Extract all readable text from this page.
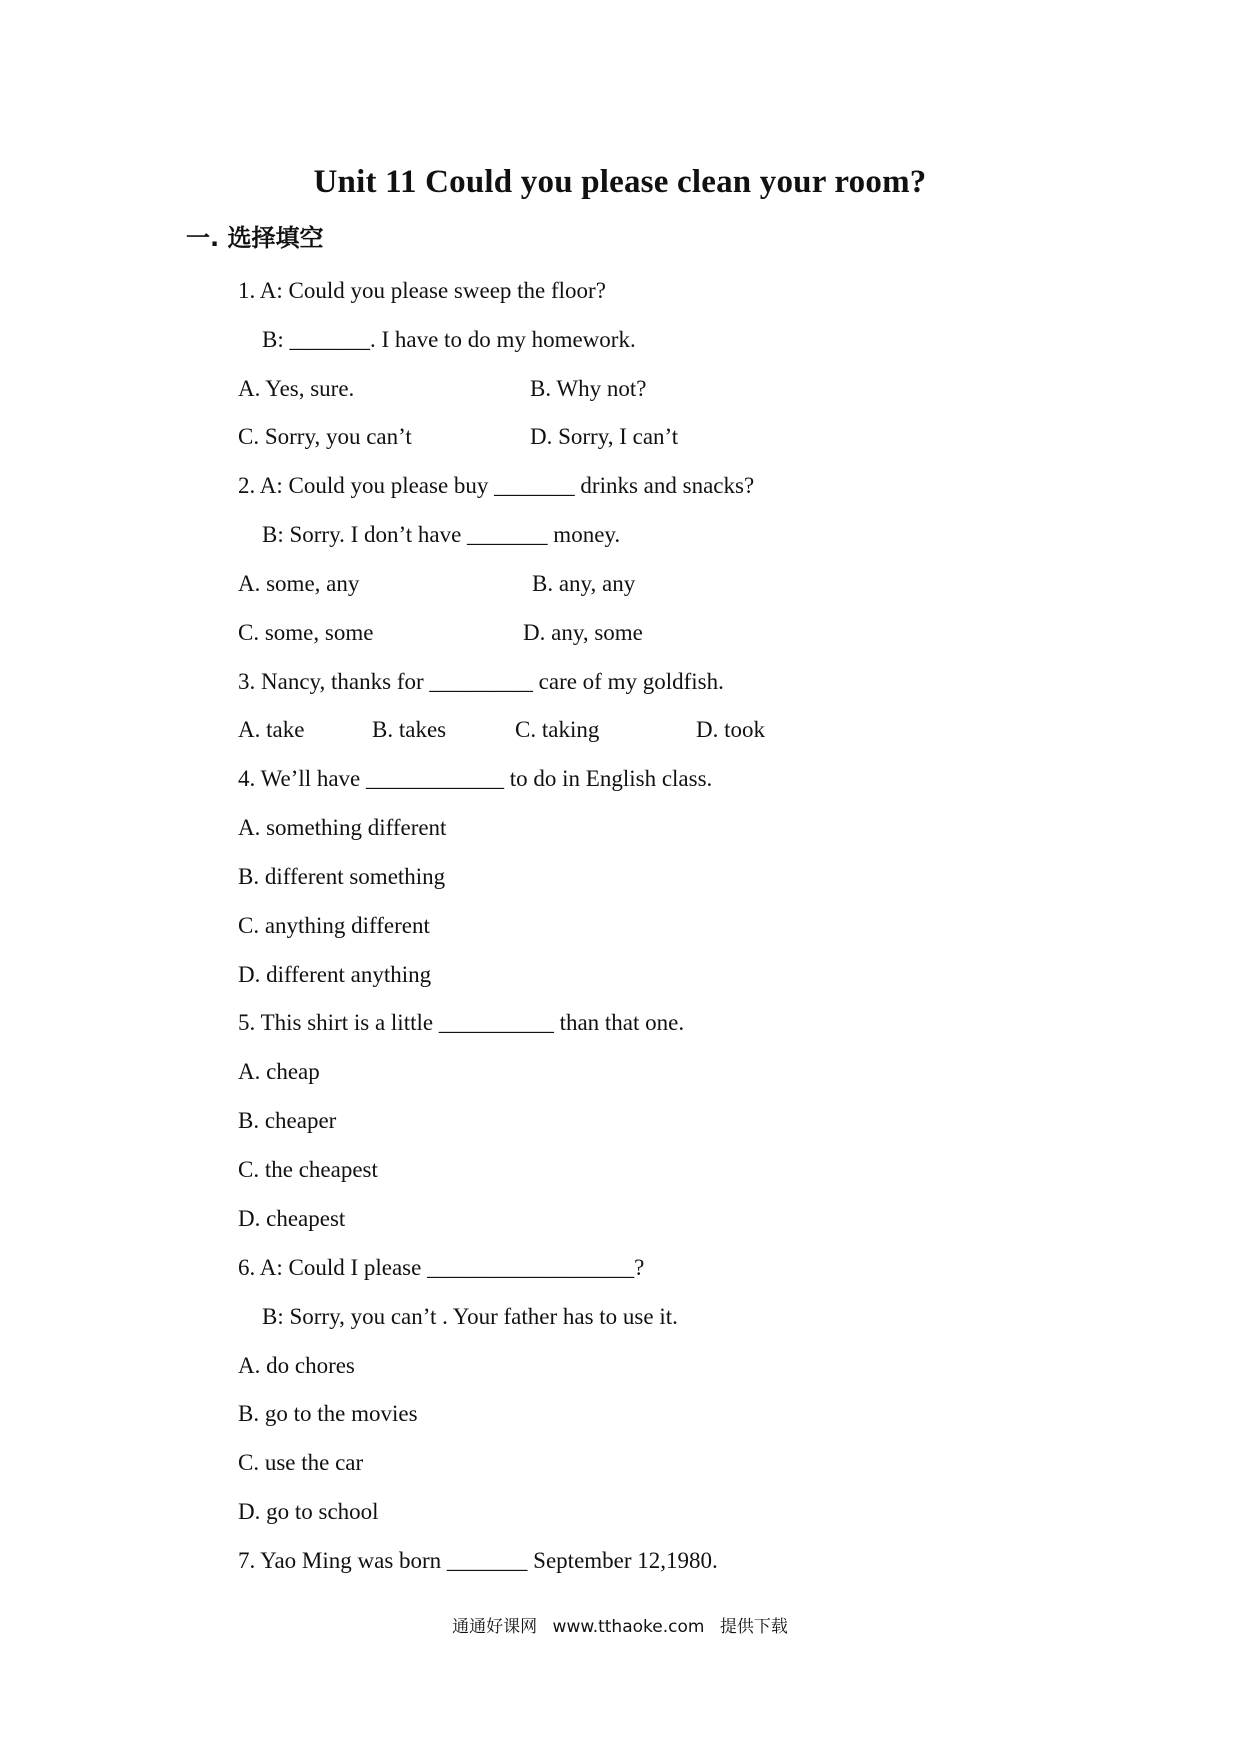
Unit 11 Could you please clean your room?
一. 选择填空
1. A: Could you please sweep the floor?
B: _______. I have to do my homework.
A. Yes, sure.	B. Why not?
C. Sorry, you can’t	D. Sorry, I can’t
2. A: Could you please buy _______ drinks and snacks?
B: Sorry. I don’t have _______ money.
A. some, any	B. any, any
C. some, some	D. any, some
3. Nancy, thanks for _________ care of my goldfish.
A. take	B. takes	C. taking	D. took
4. We’ll have ____________ to do in English class.
A. something different
B. different something
C. anything different
D. different anything
5. This shirt is a little __________ than that one.
A. cheap
B. cheaper
C. the cheapest
D. cheapest
6. A: Could I please __________________?
B: Sorry, you can’t . Your father has to use it.
A. do chores
B. go to the movies
C. use the car
D. go to school
7. Yao Ming was born _______ September 12,1980.
通通好课网 www.tthaoke.com 提供下载
